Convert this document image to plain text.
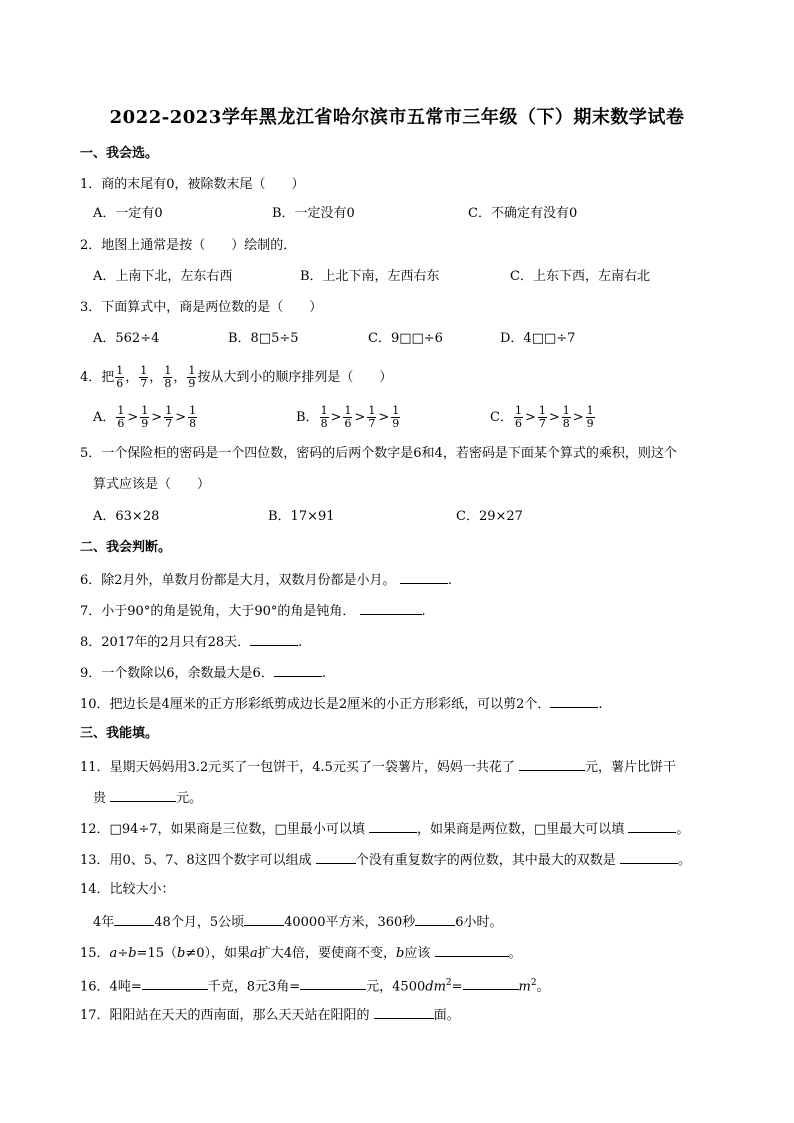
2022-2023学年黑龙江省哈尔滨市五常市三年级（下）期末数学试卷
一、我会选。
1．商的末尾有0，被除数末尾（　　）
A．一定有0	B．一定没有0	C．不确定有没有0
2．地图上通常是按（　　）绘制的．
A．上南下北，左东右西	B．上北下南，左西右东	C．上东下西，左南右北
3．下面算式中，商是两位数的是（　　）
A．562÷4	B．8□5÷5	C．9□□÷6	D．4□□÷7
4．把 $\frac{1}{6}$ ， $\frac{1}{7}$ ， $\frac{1}{8}$ ， $\frac{1}{9}$ 按从大到小的顺序排列是（　　）
A． $\frac{1}{6} > \frac{1}{9} > \frac{1}{7} > \frac{1}{8}$	B． $\frac{1}{8} > \frac{1}{6} > \frac{1}{7} > \frac{1}{9}$	C． $\frac{1}{6} > \frac{1}{7} > \frac{1}{8} > \frac{1}{9}$
5．一个保险柜的密码是一个四位数，密码的后两个数字是6和4，若密码是下面某个算式的乘积，则这个
算式应该是（　　）
A．63×28	B．17×91	C．29×27
二、我会判断。
6．除2月外，单数月份都是大月，双数月份都是小月。	.
7．小于90°的角是锐角，大于90°的角是钝角．	.
8．2017年的2月只有28天．	.
9．一个数除以6，余数最大是6．	.
10．把边长是4厘米的正方形彩纸剪成边长是2厘米的小正方形彩纸，可以剪2个．	.
三、我能填。
11．星期天妈妈用3.2元买了一包饼干，4.5元买了一袋薯片，妈妈一共花了	元，薯片比饼干
贵	元。
12．□94÷7，如果商是三位数，□里最小可以填	，如果商是两位数，□里最大可以填	。
13．用0、5、7、8这四个数字可以组成	个没有重复数字的两位数，其中最大的双数是	。
14．比较大小：
4年	48个月，5公顷	40000平方米，360秒	6小时。
15．a÷b=15（b≠0），如果a扩大4倍，要使商不变，b应该	。
16．4吨=	千克，8元3角=	元，$4500dm^2=$	$m^2$。
17．阳阳站在天天的西南面，那么天天站在阳阳的	面。
